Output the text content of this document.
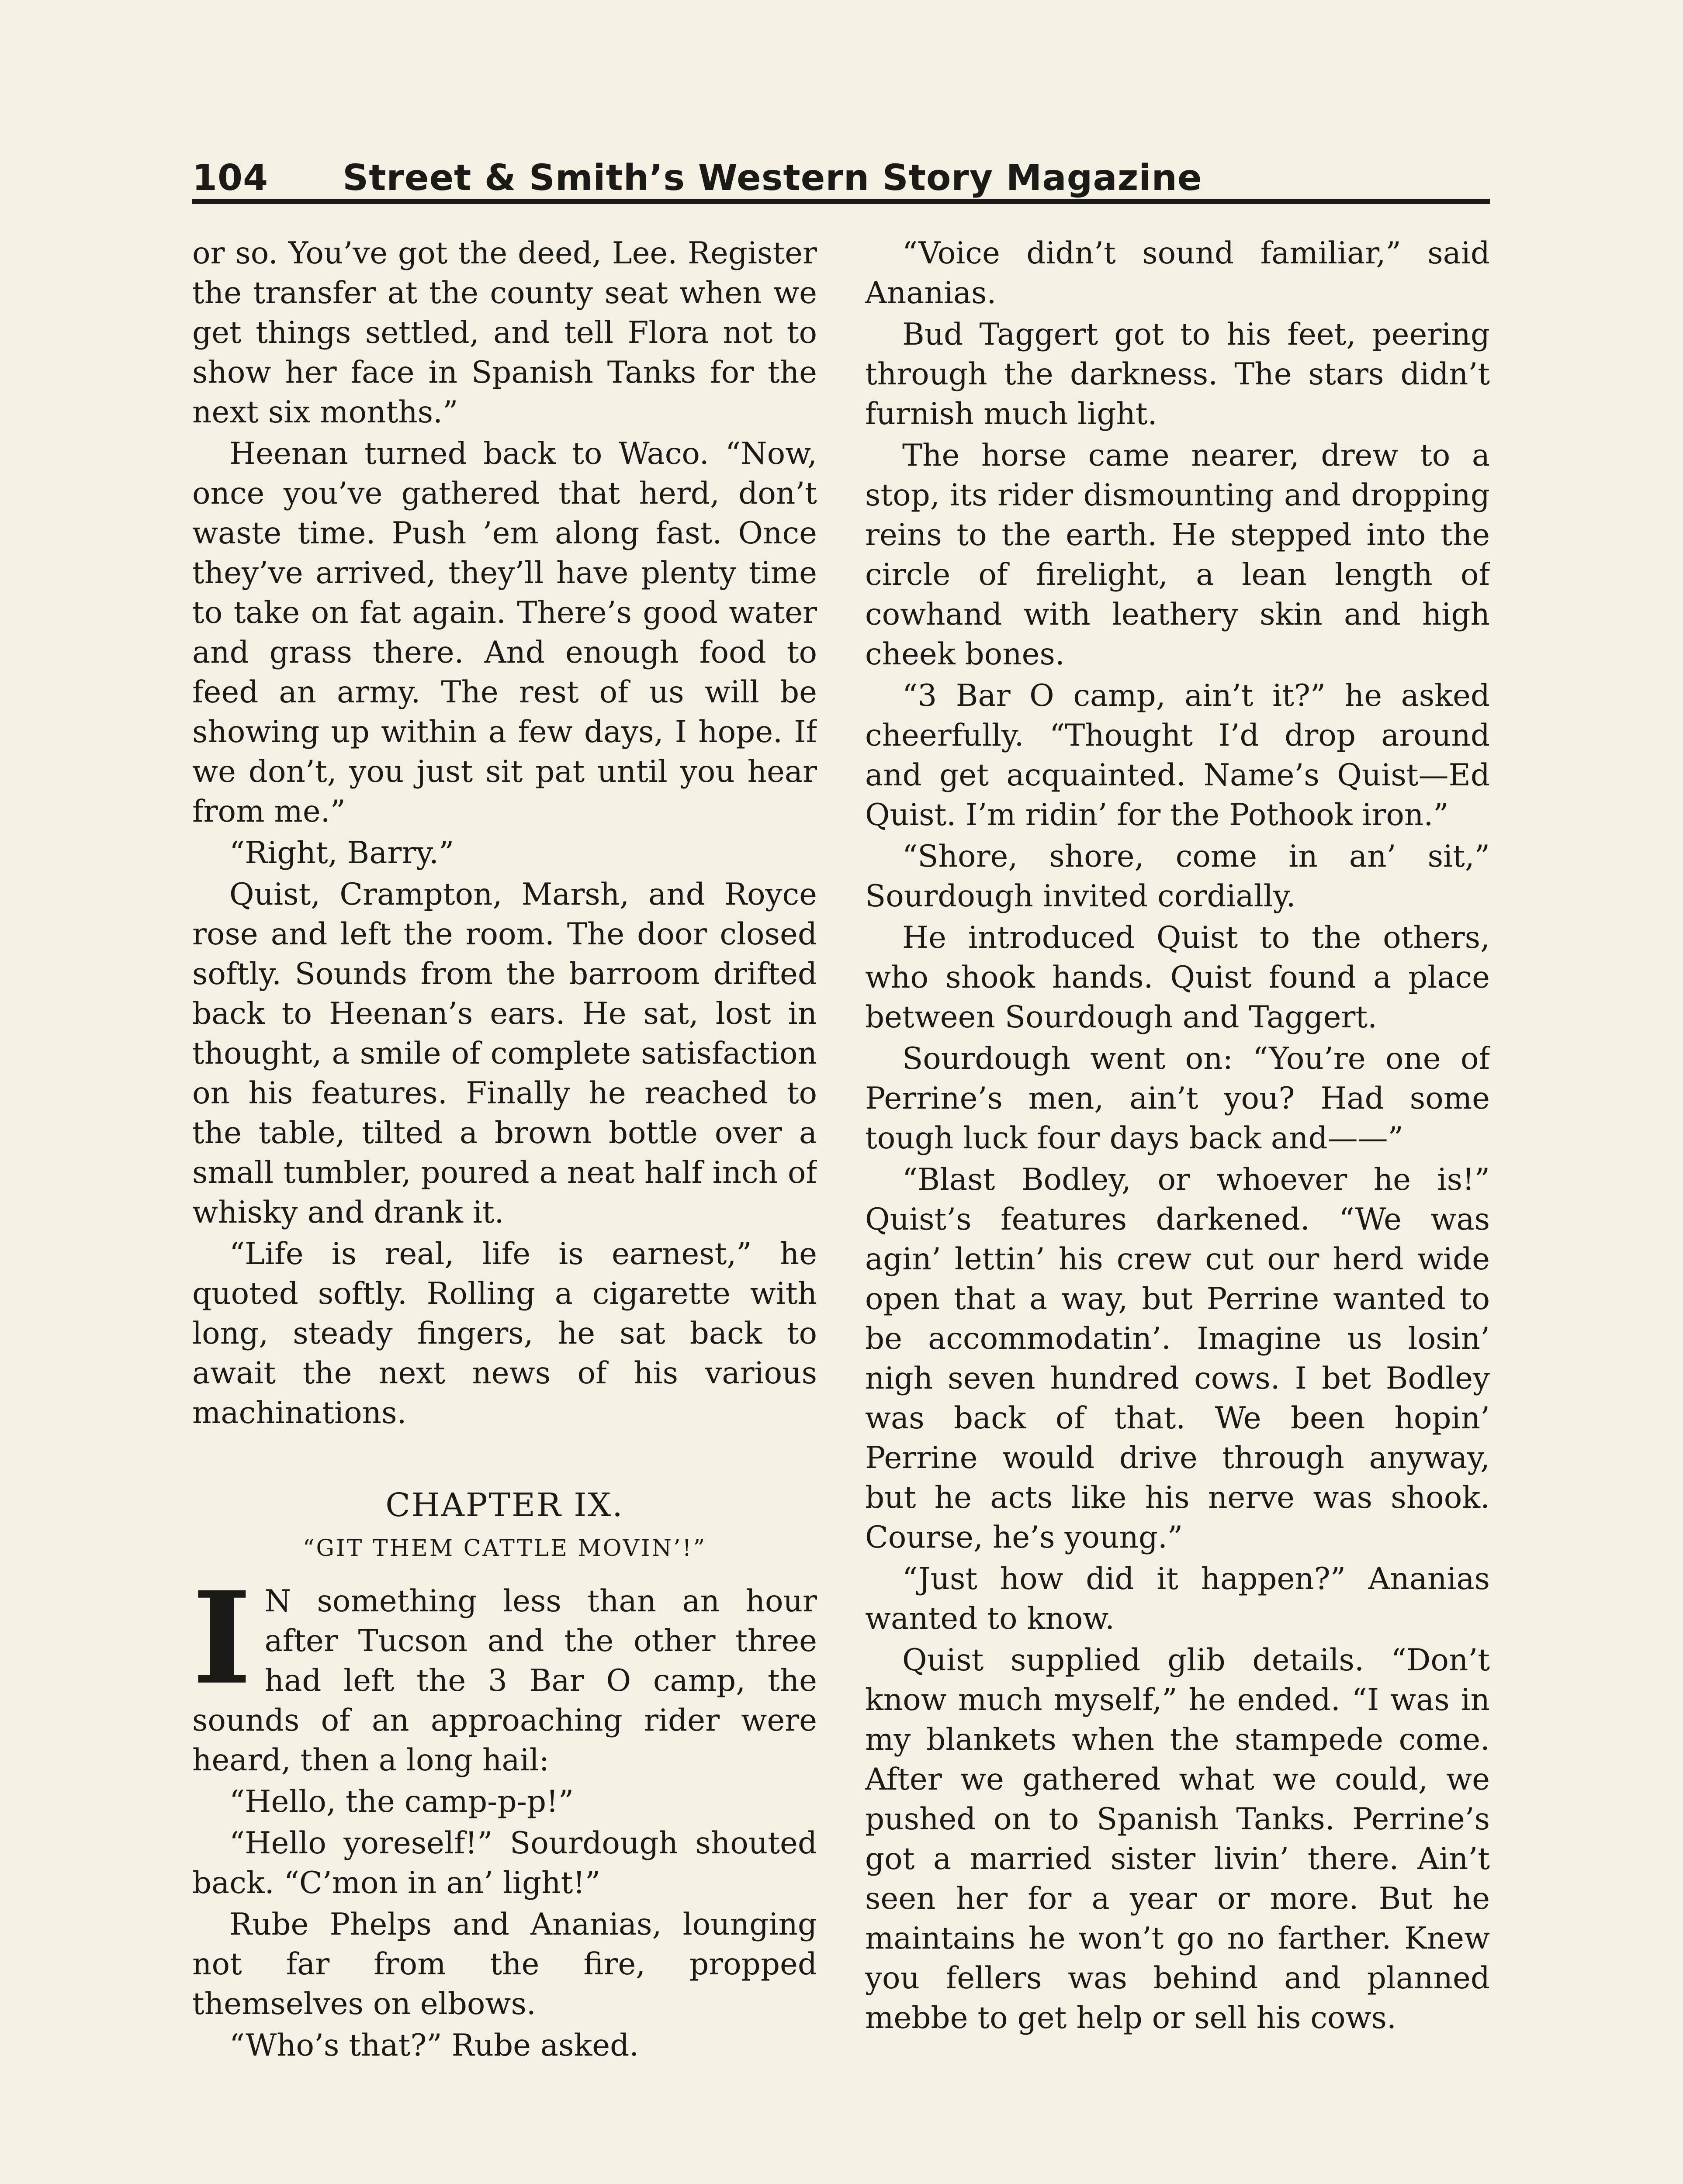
104 Street & Smith’s Western Story Magazine

or so. You’ve got the deed, Lee. Register the transfer at the county seat when we get things settled, and tell Flora not to show her face in Spanish Tanks for the next six months.”

Heenan turned back to Waco. “Now, once you’ve gathered that herd, don’t waste time. Push ’em along fast. Once they’ve arrived, they’ll have plenty time to take on fat again. There’s good water and grass there. And enough food to feed an army. The rest of us will be showing up within a few days, I hope. If we don’t, you just sit pat until you hear from me.”

“Right, Barry.”

Quist, Crampton, Marsh, and Royce rose and left the room. The door closed softly. Sounds from the barroom drifted back to Heenan’s ears. He sat, lost in thought, a smile of complete satisfaction on his features. Finally he reached to the table, tilted a brown bottle over a small tumbler, poured a neat half inch of whisky and drank it.

“Life is real, life is earnest,” he quoted softly. Rolling a cigarette with long, steady fingers, he sat back to await the next news of his various machinations.

CHAPTER IX.
“GIT THEM CATTLE MOVIN’!”

I N something less than an hour after Tucson and the other three had left the 3 Bar O camp, the sounds of an approaching rider were heard, then a long hail:

“Hello, the camp-p-p!”

“Hello yoreself!” Sourdough shouted back. “C’mon in an’ light!”

Rube Phelps and Ananias, lounging not far from the fire, propped themselves on elbows.

“Who’s that?” Rube asked.

“Voice didn’t sound familiar,” said Ananias.

Bud Taggert got to his feet, peering through the darkness. The stars didn’t furnish much light.

The horse came nearer, drew to a stop, its rider dismounting and dropping reins to the earth. He stepped into the circle of firelight, a lean length of cowhand with leathery skin and high cheek bones.

“3 Bar O camp, ain’t it?” he asked cheerfully. “Thought I’d drop around and get acquainted. Name’s Quist—Ed Quist. I’m ridin’ for the Pothook iron.”

“Shore, shore, come in an’ sit,” Sourdough invited cordially.

He introduced Quist to the others, who shook hands. Quist found a place between Sourdough and Taggert.

Sourdough went on: “You’re one of Perrine’s men, ain’t you? Had some tough luck four days back and——”

“Blast Bodley, or whoever he is!” Quist’s features darkened. “We was agin’ lettin’ his crew cut our herd wide open that a way, but Perrine wanted to be accommodatin’. Imagine us losin’ nigh seven hundred cows. I bet Bodley was back of that. We been hopin’ Perrine would drive through anyway, but he acts like his nerve was shook. Course, he’s young.”

“Just how did it happen?” Ananias wanted to know.

Quist supplied glib details. “Don’t know much myself,” he ended. “I was in my blankets when the stampede come. After we gathered what we could, we pushed on to Spanish Tanks. Perrine’s got a married sister livin’ there. Ain’t seen her for a year or more. But he maintains he won’t go no farther. Knew you fellers was behind and planned mebbe to get help or sell his cows.
